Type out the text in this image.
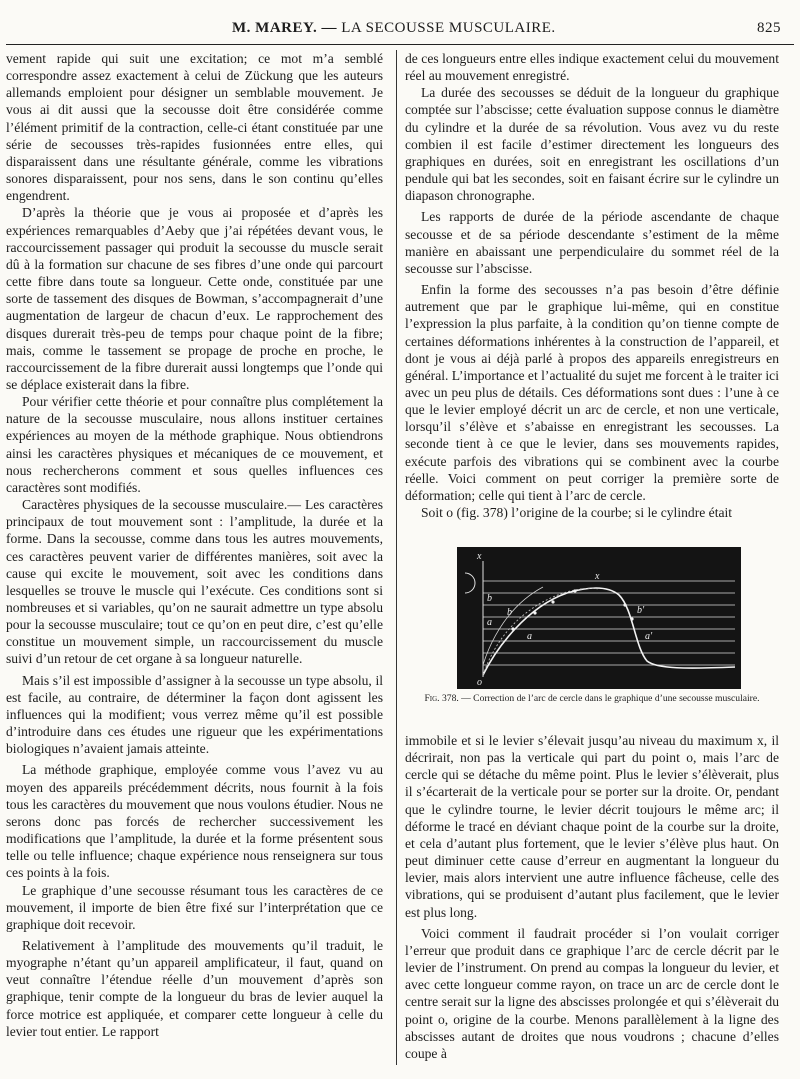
M. MAREY. — LA SECOUSSE MUSCULAIRE.	825

vement rapide qui suit une excitation; ce mot m’a semblé correspondre assez exactement à celui de Zückung que les auteurs allemands emploient pour désigner un semblable mouvement. Je vous ai dit aussi que la secousse doit être considérée comme l’élément primitif de la contraction, celle-ci étant constituée par une série de secousses très-rapides fusionnées entre elles, qui disparaissent dans une résultante générale, comme les vibrations sonores disparaissent, pour nos sens, dans le son continu qu’elles engendrent.

D’après la théorie que je vous ai proposée et d’après les expériences remarquables d’Aeby que j’ai répétées devant vous, le raccourcissement passager qui produit la secousse du muscle serait dû à la formation sur chacune de ses fibres d’une onde qui parcourt cette fibre dans toute sa longueur. Cette onde, constituée par une sorte de tassement des disques de Bowman, s’accompagnerait d’une augmentation de largeur de chacun d’eux. Le rapprochement des disques durerait très-peu de temps pour chaque point de la fibre; mais, comme le tassement se propage de proche en proche, le raccourcissement de la fibre durerait aussi longtemps que l’onde qui se déplace existerait dans la fibre.

Pour vérifier cette théorie et pour connaître plus complétement la nature de la secousse musculaire, nous allons instituer certaines expériences au moyen de la méthode graphique. Nous obtiendrons ainsi les caractères physiques et mécaniques de ce mouvement, et nous rechercherons comment et sous quelles influences ces caractères sont modifiés.

Caractères physiques de la secousse musculaire.— Les caractères principaux de tout mouvement sont : l’amplitude, la durée et la forme. Dans la secousse, comme dans tous les autres mouvements, ces caractères peuvent varier de différentes manières, soit avec la cause qui excite le mouvement, soit avec les conditions dans lesquelles se trouve le muscle qui l’exécute. Ces conditions sont si nombreuses et si variables, qu’on ne saurait admettre un type absolu pour la secousse musculaire; tout ce qu’on en peut dire, c’est qu’elle constitue un mouvement simple, un raccourcissement du muscle suivi d’un retour de cet organe à sa longueur naturelle.

Mais s’il est impossible d’assigner à la secousse un type absolu, il est facile, au contraire, de déterminer la façon dont agissent les influences qui la modifient; vous verrez même qu’il est possible d’introduire dans ces études une rigueur que les expérimentations biologiques n’avaient jamais atteinte.

La méthode graphique, employée comme vous l’avez vu au moyen des appareils précédemment décrits, nous fournit à la fois tous les caractères du mouvement que nous voulons étudier. Nous ne serons donc pas forcés de rechercher successivement les modifications que l’amplitude, la durée et la forme présentent sous telle ou telle influence; chaque expérience nous renseignera sur tous ces points à la fois.

Le graphique d’une secousse résumant tous les caractères de ce mouvement, il importe de bien être fixé sur l’interprétation que ce graphique doit recevoir.

Relativement à l’amplitude des mouvements qu’il traduit, le myographe n’étant qu’un appareil amplificateur, il faut, quand on veut connaître l’étendue réelle d’un mouvement d’après son graphique, tenir compte de la longueur du bras de levier auquel la force motrice est appliquée, et comparer cette longueur à celle du levier tout entier. Le rapport

de ces longueurs entre elles indique exactement celui du mouvement réel au mouvement enregistré.

La durée des secousses se déduit de la longueur du graphique comptée sur l’abscisse; cette évaluation suppose connus le diamètre du cylindre et la durée de sa révolution. Vous avez vu du reste combien il est facile d’estimer directement les longueurs des graphiques en durées, soit en enregistrant les oscillations d’un pendule qui bat les secondes, soit en faisant écrire sur le cylindre un diapason chronographe.

Les rapports de durée de la période ascendante de chaque secousse et de sa période descendante s’estiment de la même manière en abaissant une perpendiculaire du sommet réel de la secousse sur l’abscisse.

Enfin la forme des secousses n’a pas besoin d’être définie autrement que par le graphique lui-même, qui en constitue l’expression la plus parfaite, à la condition qu’on tienne compte de certaines déformations inhérentes à la construction de l’appareil, et dont je vous ai déjà parlé à propos des appareils enregistreurs en général. L’importance et l’actualité du sujet me forcent à le traiter ici avec un peu plus de détails. Ces déformations sont dues : l’une à ce que le levier employé décrit un arc de cercle, et non une verticale, lorsqu’il s’élève et s’abaisse en enregistrant les secousses. La seconde tient à ce que le levier, dans ses mouvements rapides, exécute parfois des vibrations qui se combinent avec la courbe réelle. Voici comment on peut corriger la première sorte de déformation; celle qui tient à l’arc de cercle.

Soit o (fig. 378) l’origine de la courbe; si le cylindre était

x
o
b
a
x
b
a	a'
b'
Fig. 378. — Correction de l’arc de cercle dans le graphique d’une secousse musculaire.

immobile et si le levier s’élevait jusqu’au niveau du maximum x, il décrirait, non pas la verticale qui part du point o, mais l’arc de cercle qui se détache du même point. Plus le levier s’élèverait, plus il s’écarterait de la verticale pour se porter sur la droite. Or, pendant que le cylindre tourne, le levier décrit toujours le même arc; il déforme le tracé en déviant chaque point de la courbe sur la droite, et cela d’autant plus fortement, que le levier s’élève plus haut. On peut diminuer cette cause d’erreur en augmentant la longueur du levier, mais alors intervient une autre influence fâcheuse, celle des vibrations, qui se produisent d’autant plus facilement, que le levier est plus long.

Voici comment il faudrait procéder si l’on voulait corriger l’erreur que produit dans ce graphique l’arc de cercle décrit par le levier de l’instrument. On prend au compas la longueur du levier, et avec cette longueur comme rayon, on trace un arc de cercle dont le centre serait sur la ligne des abscisses prolongée et qui s’élèverait du point o, origine de la courbe. Menons parallèlement à la ligne des abscisses autant de droites que nous voudrons ; chacune d’elles coupe à
